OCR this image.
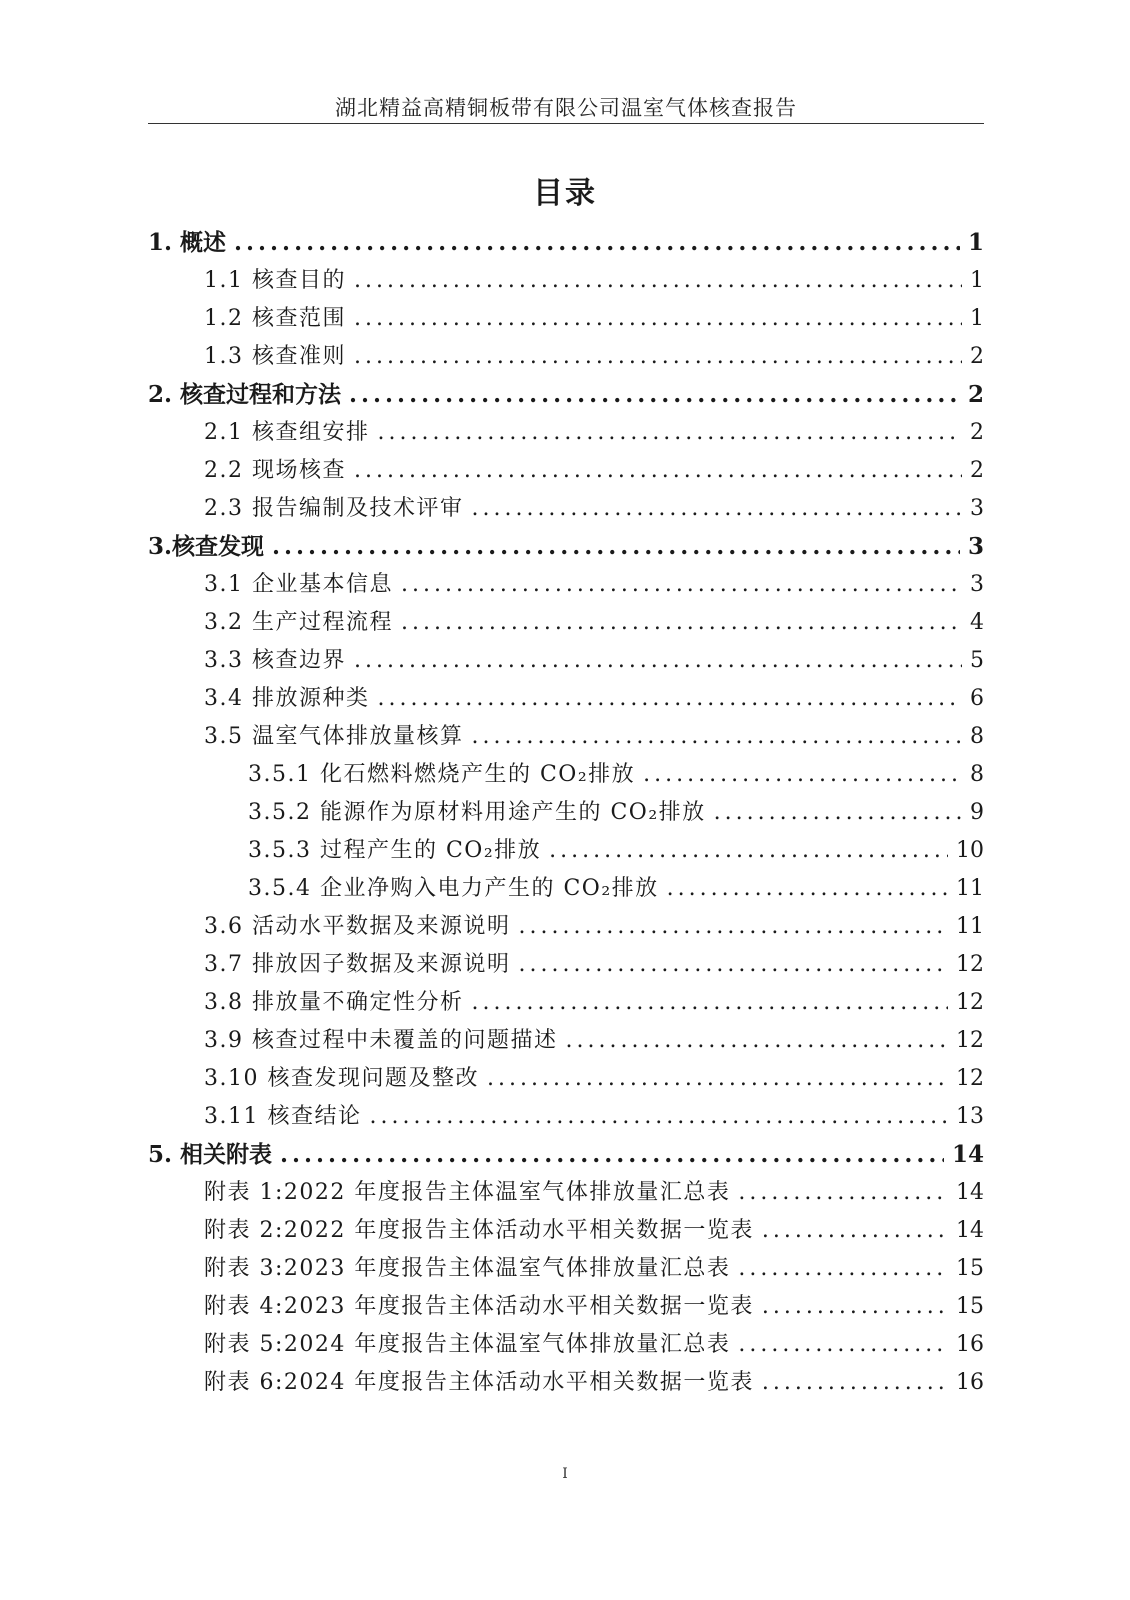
湖北精益高精铜板带有限公司温室气体核查报告
目录
1. 概述 .....	1
1.1 核查目的 .....	1
1.2 核查范围 .....	1
1.3 核查准则 .....	2
2. 核查过程和方法 .....	2
2.1 核查组安排 .....	2
2.2 现场核查 .....	2
2.3 报告编制及技术评审 .....	3
3.核查发现 .....	3
3.1 企业基本信息 .....	3
3.2 生产过程流程 .....	4
3.3 核查边界 .....	5
3.4 排放源种类 .....	6
3.5 温室气体排放量核算 .....	8
3.5.1 化石燃料燃烧产生的 CO₂排放 .....	8
3.5.2 能源作为原材料用途产生的 CO₂排放 .....	9
3.5.3 过程产生的 CO₂排放 .....	10
3.5.4 企业净购入电力产生的 CO₂排放 .....	11
3.6 活动水平数据及来源说明 .....	11
3.7 排放因子数据及来源说明 .....	12
3.8 排放量不确定性分析 .....	12
3.9 核查过程中未覆盖的问题描述 .....	12
3.10 核查发现问题及整改 .....	12
3.11 核查结论 .....	13
5. 相关附表 .....	14
附表 1:2022 年度报告主体温室气体排放量汇总表 .....	14
附表 2:2022 年度报告主体活动水平相关数据一览表 .....	14
附表 3:2023 年度报告主体温室气体排放量汇总表 .....	15
附表 4:2023 年度报告主体活动水平相关数据一览表 .....	15
附表 5:2024 年度报告主体温室气体排放量汇总表 .....	16
附表 6:2024 年度报告主体活动水平相关数据一览表 .....	16
I
